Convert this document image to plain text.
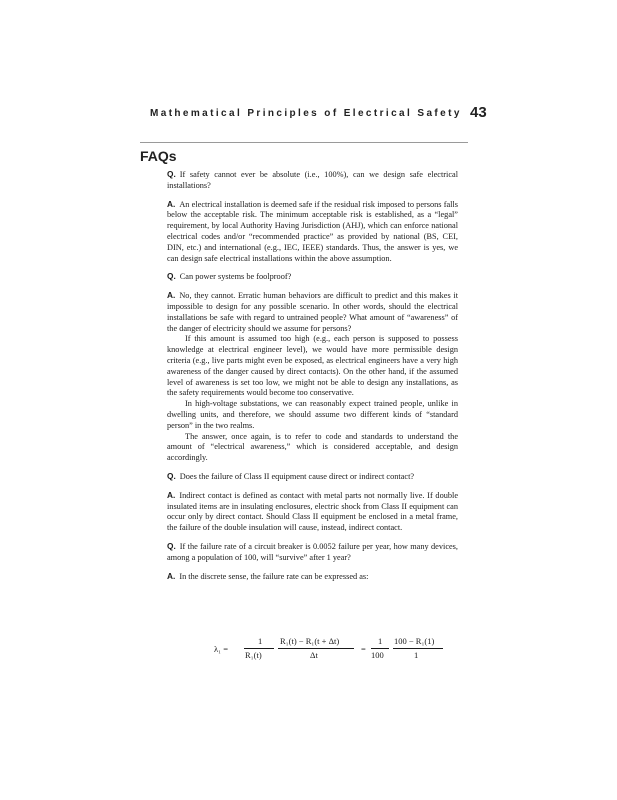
Mathematical Principles of Electrical Safety 43
FAQs

Q. If safety cannot ever be absolute (i.e., 100%), can we design safe electrical installations?

A. An electrical installation is deemed safe if the residual risk imposed to persons falls below the acceptable risk. The minimum acceptable risk is established, as a “legal” requirement, by local Authority Having Jurisdiction (AHJ), which can enforce national electrical codes and/or “recommended practice” as provided by national (BS, CEI, DIN, etc.) and international (e.g., IEC, IEEE) standards. Thus, the answer is yes, we can design safe electrical installations within the above assumption.

Q. Can power systems be foolproof?

A. No, they cannot. Erratic human behaviors are difficult to predict and this makes it impossible to design for any possible scenario. In other words, should the electrical installations be safe with regard to untrained people? What amount of “awareness” of the danger of electricity should we assume for persons?

If this amount is assumed too high (e.g., each person is supposed to possess knowledge at electrical engineer level), we would have more permissible design criteria (e.g., live parts might even be exposed, as electrical engineers have a very high awareness of the danger caused by direct contacts). On the other hand, if the assumed level of awareness is set too low, we might not be able to design any installations, as the safety requirements would become too conservative.

In high-voltage substations, we can reasonably expect trained people, unlike in dwelling units, and therefore, we should assume two different kinds of “standard person” in the two realms.

The answer, once again, is to refer to code and standards to understand the amount of “electrical awareness,” which is considered acceptable, and design accordingly.

Q. Does the failure of Class II equipment cause direct or indirect contact?

A. Indirect contact is defined as contact with metal parts not normally live. If double insulated items are in insulating enclosures, electric shock from Class II equipment can occur only by direct contact. Should Class II equipment be enclosed in a metal frame, the failure of the double insulation will cause, instead, indirect contact.

Q. If the failure rate of a circuit breaker is 0.0052 failure per year, how many devices, among a population of 100, will “survive” after 1 year?

A. In the discrete sense, the failure rate can be expressed as:

λ₁ =
1
R₁(t)
R₁(t) − R₁(t + Δt)
Δt
=
1
100
100 − R₁(1)
1
